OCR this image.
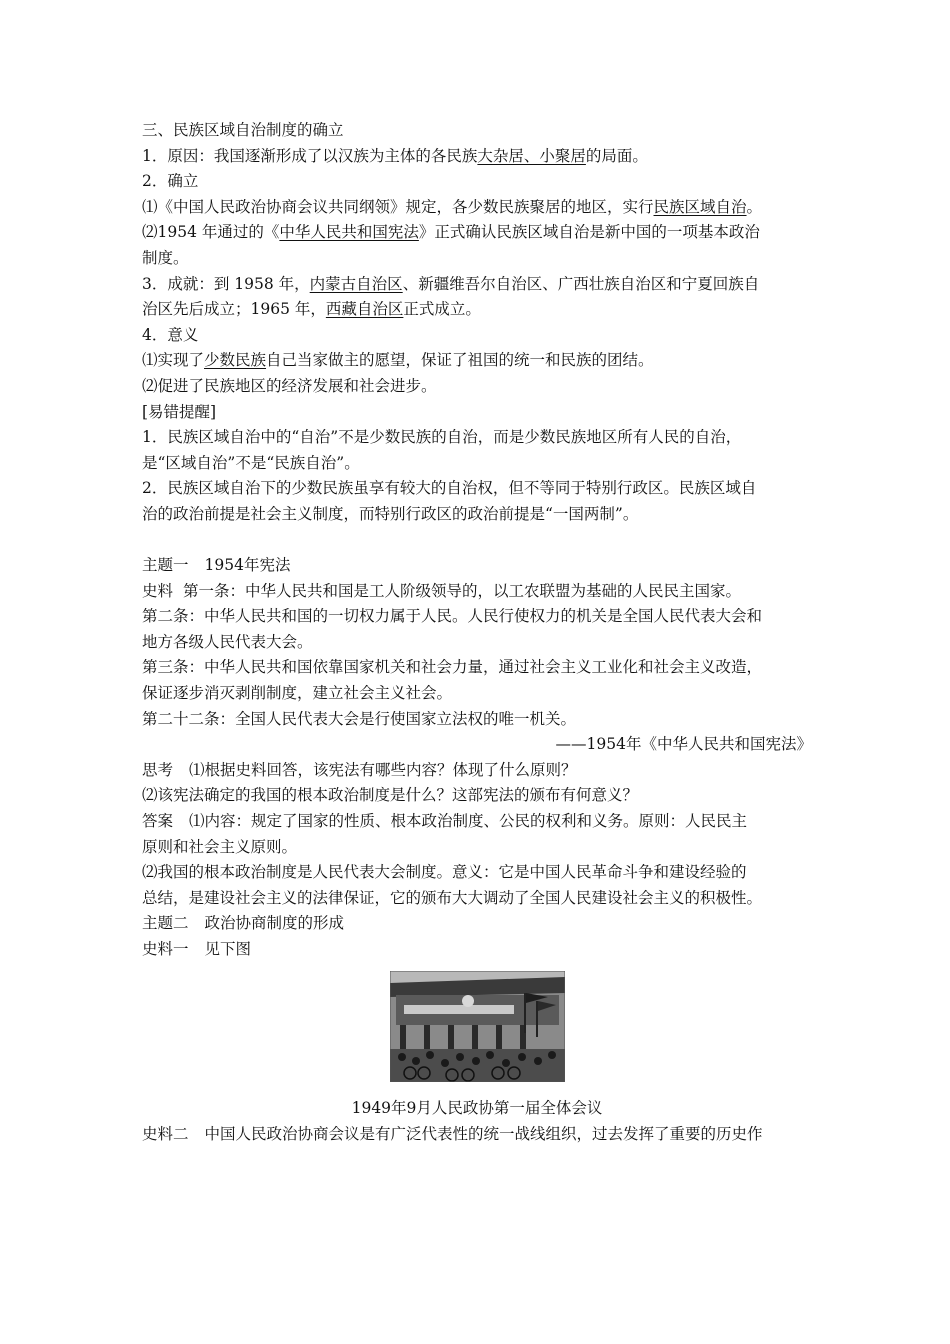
三、民族区域自治制度的确立

1．原因：我国逐渐形成了以汉族为主体的各民族大杂居、小聚居的局面。

2．确立

⑴《中国人民政治协商会议共同纲领》规定，各少数民族聚居的地区，实行民族区域自治。

⑵1954 年通过的《中华人民共和国宪法》正式确认民族区域自治是新中国的一项基本政治

制度。

3．成就：到 1958 年，内蒙古自治区、新疆维吾尔自治区、广西壮族自治区和宁夏回族自

治区先后成立；1965 年，西藏自治区正式成立。

4．意义

⑴实现了少数民族自己当家做主的愿望，保证了祖国的统一和民族的团结。

⑵促进了民族地区的经济发展和社会进步。

[易错提醒]

1．民族区域自治中的“自治”不是少数民族的自治，而是少数民族地区所有人民的自治，

是“区域自治”不是“民族自治”。

2．民族区域自治下的少数民族虽享有较大的自治权，但不等同于特别行政区。民族区域自

治的政治前提是社会主义制度，而特别行政区的政治前提是“一国两制”。

主题一 1954年宪法

史料 第一条：中华人民共和国是工人阶级领导的，以工农联盟为基础的人民民主国家。

第二条：中华人民共和国的一切权力属于人民。人民行使权力的机关是全国人民代表大会和

地方各级人民代表大会。

第三条：中华人民共和国依靠国家机关和社会力量，通过社会主义工业化和社会主义改造，

保证逐步消灭剥削制度，建立社会主义社会。

第二十二条：全国人民代表大会是行使国家立法权的唯一机关。

——1954年《中华人民共和国宪法》

思考 ⑴根据史料回答，该宪法有哪些内容？体现了什么原则？

⑵该宪法确定的我国的根本政治制度是什么？这部宪法的颁布有何意义？

答案 ⑴内容：规定了国家的性质、根本政治制度、公民的权利和义务。原则：人民民主

原则和社会主义原则。

⑵我国的根本政治制度是人民代表大会制度。意义：它是中国人民革命斗争和建设经验的

总结，是建设社会主义的法律保证，它的颁布大大调动了全国人民建设社会主义的积极性。

主题二 政治协商制度的形成

史料一 见下图

1949年9月人民政协第一届全体会议

史料二 中国人民政治协商会议是有广泛代表性的统一战线组织，过去发挥了重要的历史作
